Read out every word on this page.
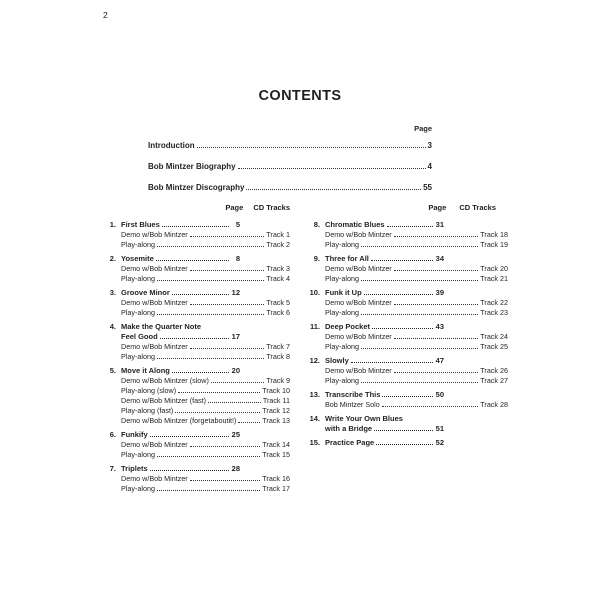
2
CONTENTS
Page
Introduction	3
Bob Mintzer Biography	4
Bob Mintzer Discography	55
Page CD Tracks
1. First Blues	5
Demo w/Bob Mintzer	Track 1
Play-along	Track 2
2. Yosemite	8
Demo w/Bob Mintzer	Track 3
Play-along	Track 4
3. Groove Minor	12
Demo w/Bob Mintzer	Track 5
Play-along	Track 6
4. Make the Quarter Note
Feel Good	17
Demo w/Bob Mintzer	Track 7
Play-along	Track 8
5. Move it Along	20
Demo w/Bob Mintzer (slow)	Track 9
Play-along (slow)	Track 10
Demo w/Bob Mintzer (fast)	Track 11
Play-along (fast)	Track 12
Demo w/Bob Mintzer (forgetaboutit!)	Track 13
6. Funkify	25
Demo w/Bob Mintzer	Track 14
Play-along	Track 15
7. Triplets	28
Demo w/Bob Mintzer	Track 16
Play-along	Track 17
Page CD Tracks
8. Chromatic Blues	31
Demo w/Bob Mintzer	Track 18
Play-along	Track 19
9. Three for All	34
Demo w/Bob Mintzer	Track 20
Play-along	Track 21
10. Funk it Up	39
Demo w/Bob Mintzer	Track 22
Play-along	Track 23
11. Deep Pocket	43
Demo w/Bob Mintzer	Track 24
Play-along	Track 25
12. Slowly	47
Demo w/Bob Mintzer	Track 26
Play-along	Track 27
13. Transcribe This	50
Bob Mintzer Solo	Track 28
14. Write Your Own Blues
with a Bridge	51
15. Practice Page	52
